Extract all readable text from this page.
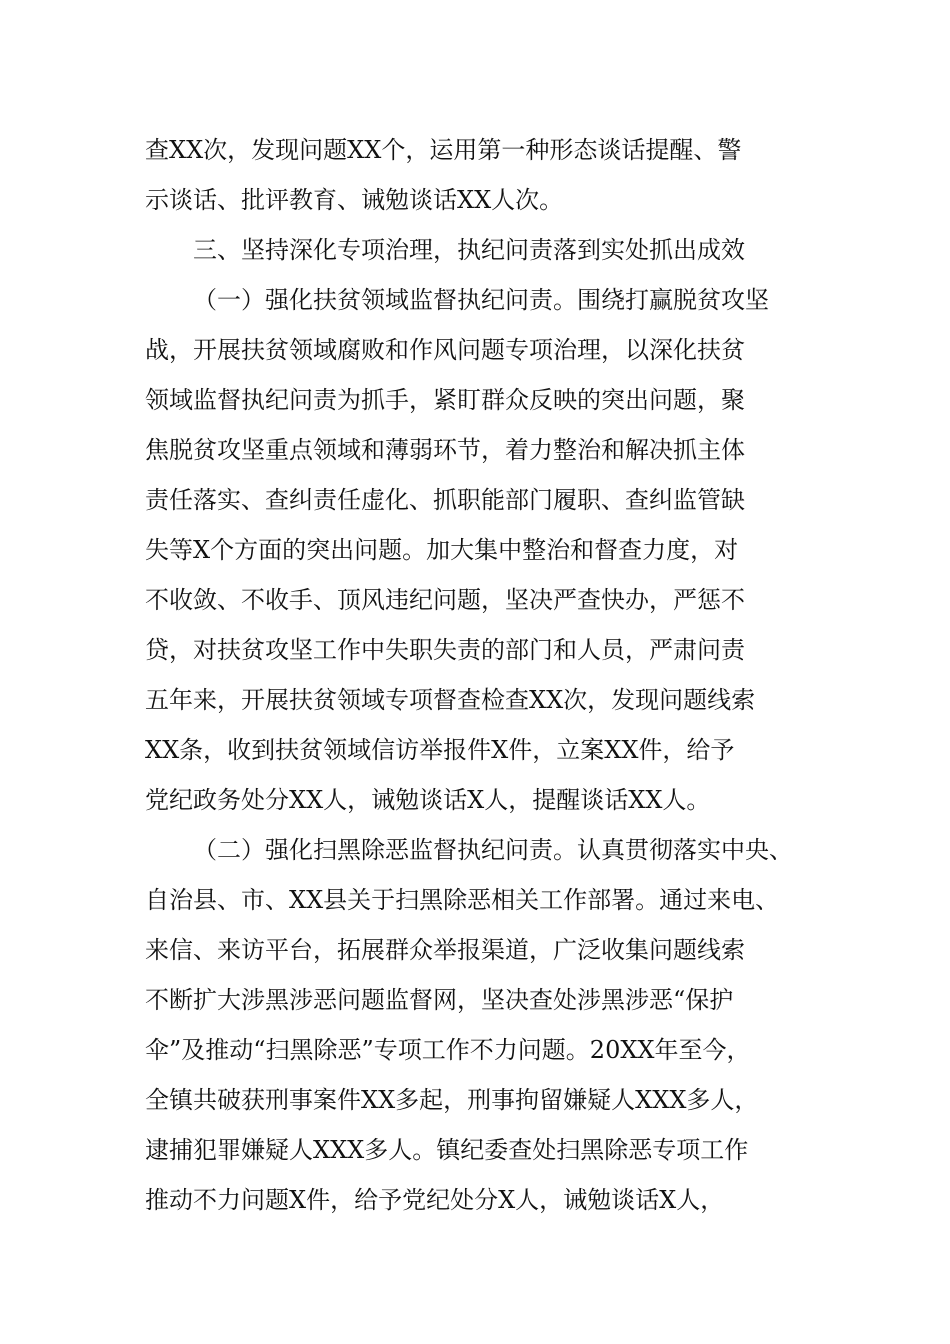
查XX次，发现问题XX个，运用第一种形态谈话提醒、警
示谈话、批评教育、诫勉谈话XX人次。
三、坚持深化专项治理，执纪问责落到实处抓出成效
（一）强化扶贫领域监督执纪问责。围绕打赢脱贫攻坚
战，开展扶贫领域腐败和作风问题专项治理，以深化扶贫
领域监督执纪问责为抓手，紧盯群众反映的突出问题，聚
焦脱贫攻坚重点领域和薄弱环节，着力整治和解决抓主体
责任落实、查纠责任虚化、抓职能部门履职、查纠监管缺
失等X个方面的突出问题。加大集中整治和督查力度，对
不收敛、不收手、顶风违纪问题，坚决严查快办，严惩不
贷，对扶贫攻坚工作中失职失责的部门和人员，严肃问责
五年来，开展扶贫领域专项督查检查XX次，发现问题线索
XX条，收到扶贫领域信访举报件X件，立案XX件，给予
党纪政务处分XX人，诫勉谈话X人，提醒谈话XX人。
（二）强化扫黑除恶监督执纪问责。认真贯彻落实中央、
自治县、市、XX县关于扫黑除恶相关工作部署。通过来电、
来信、来访平台，拓展群众举报渠道，广泛收集问题线索
不断扩大涉黑涉恶问题监督网，坚决查处涉黑涉恶“保护
伞”及推动“扫黑除恶”专项工作不力问题。20XX年至今，
全镇共破获刑事案件XX多起，刑事拘留嫌疑人XXX多人，
逮捕犯罪嫌疑人XXX多人。镇纪委查处扫黑除恶专项工作
推动不力问题X件，给予党纪处分X人，诫勉谈话X人，
